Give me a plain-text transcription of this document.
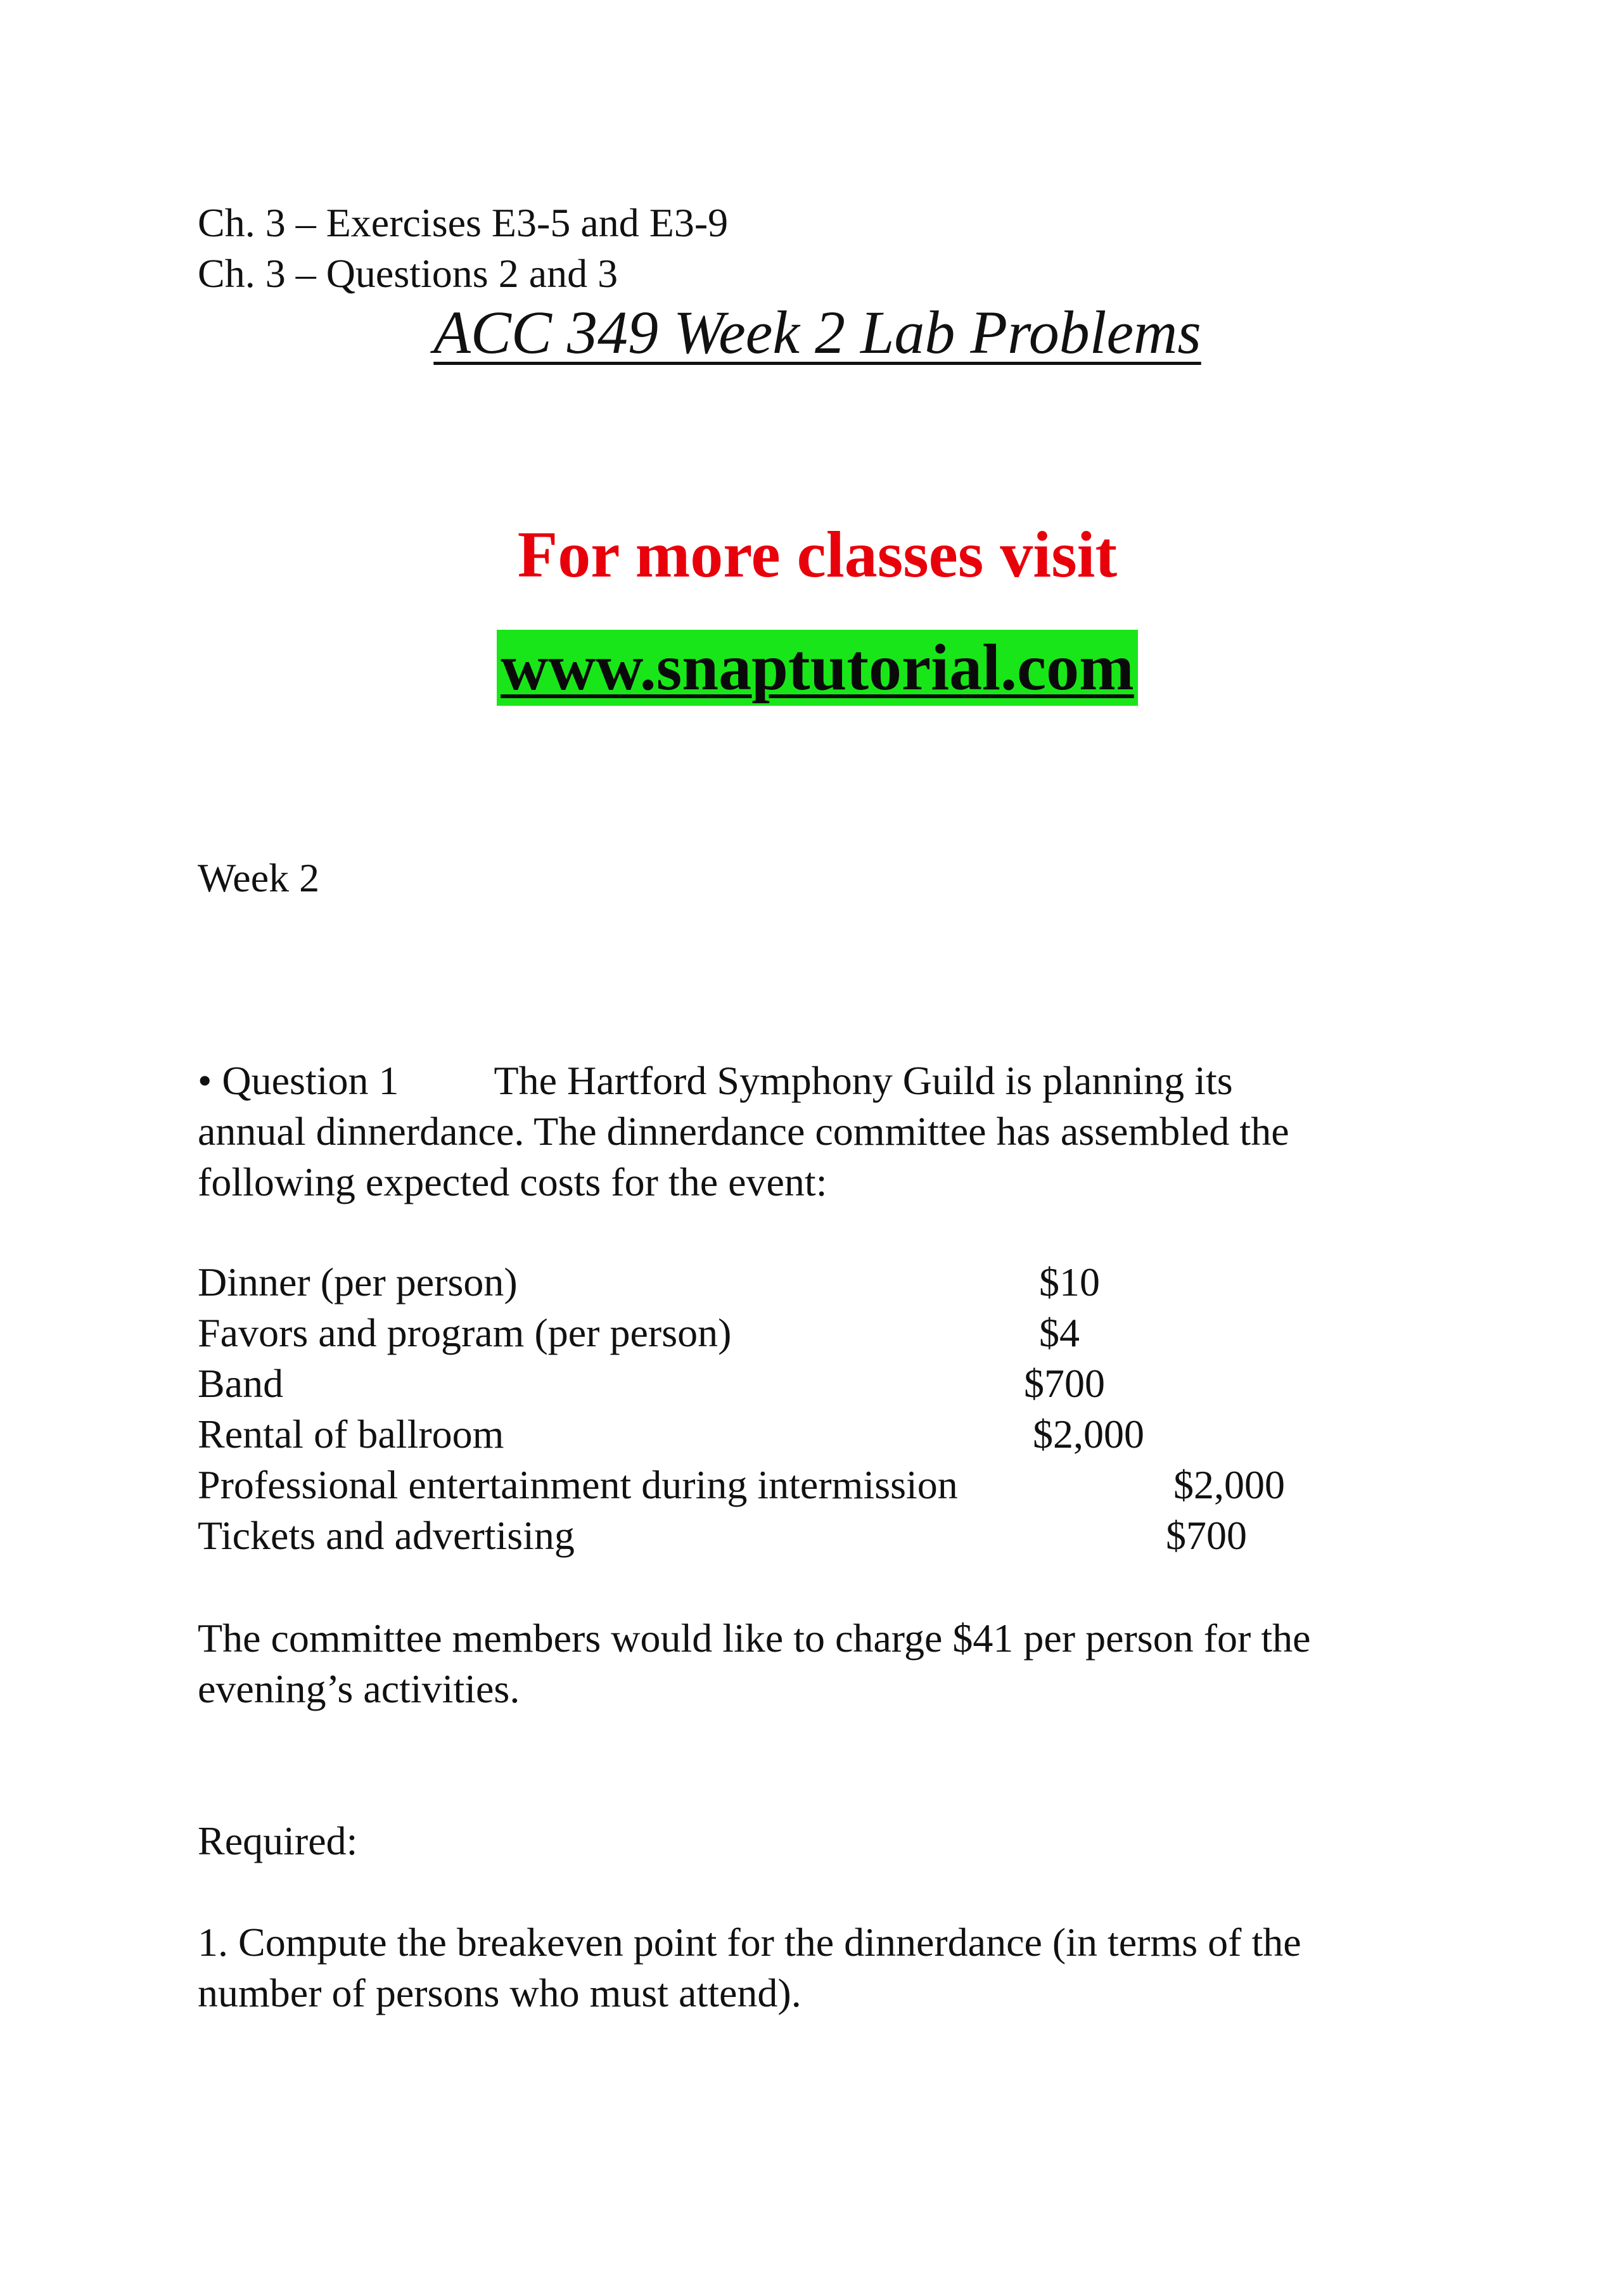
Ch. 3 – Exercises E3-5 and E3-9
Ch. 3 – Questions 2 and 3
ACC 349 Week 2 Lab Problems
For more classes visit
www.snaptutorial.com
Week 2
• Question 1 The Hartford Symphony Guild is planning its
annual dinnerdance. The dinnerdance committee has assembled the
following expected costs for the event:
Dinner (per person)	$10
Favors and program (per person)	$4
Band	$700
Rental of ballroom	$2,000
Professional entertainment during intermission	$2,000
Tickets and advertising	$700
The committee members would like to charge $41 per person for the
evening’s activities.
Required:
1. Compute the breakeven point for the dinnerdance (in terms of the
number of persons who must attend).
